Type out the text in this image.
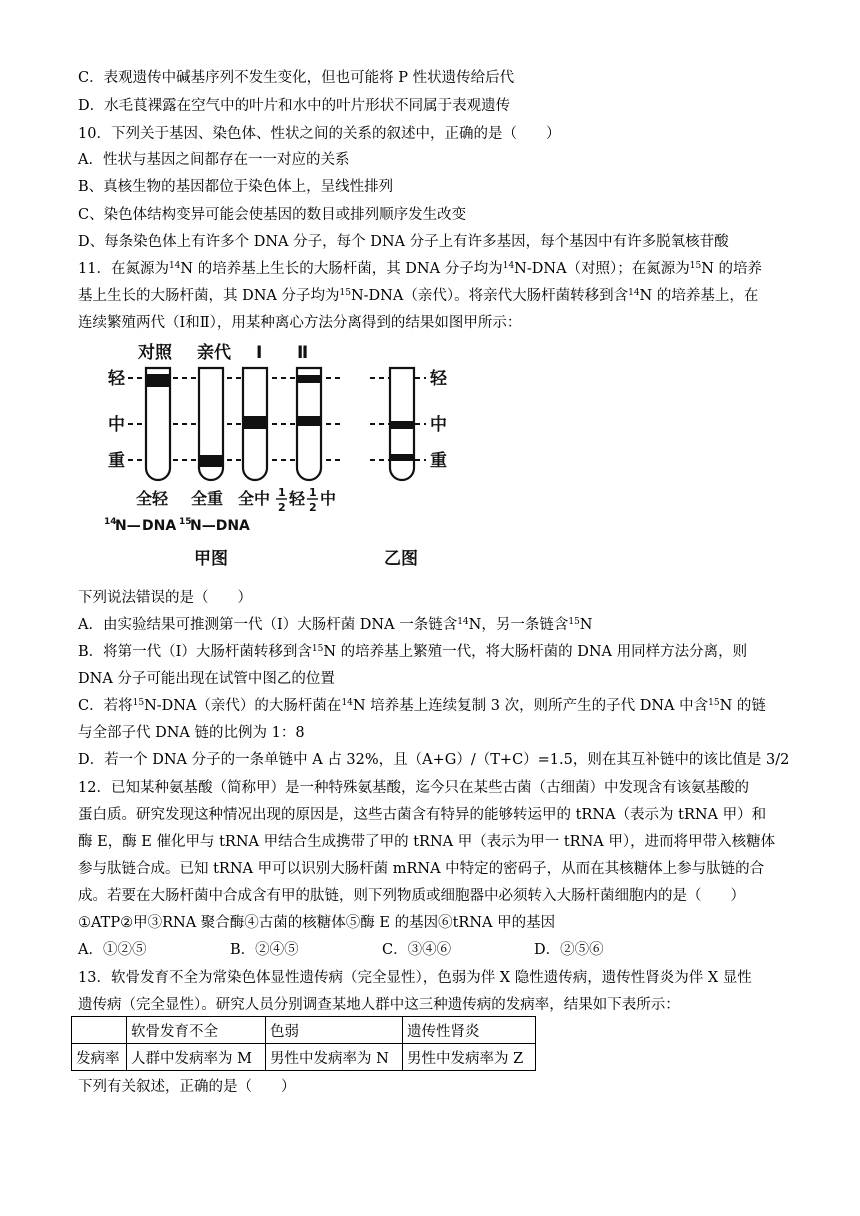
C．表观遗传中碱基序列不发生变化，但也可能将 P 性状遗传给后代
D．水毛茛裸露在空气中的叶片和水中的叶片形状不同属于表观遗传
10．下列关于基因、染色体、性状之间的关系的叙述中，正确的是（　　）
A．性状与基因之间都存在一一对应的关系
B、真核生物的基因都位于染色体上，呈线性排列
C、染色体结构变异可能会使基因的数目或排列顺序发生改变
D、每条染色体上有许多个 DNA 分子，每个 DNA 分子上有许多基因，每个基因中有许多脱氧核苷酸
11．在氮源为$^{14}$N 的培养基上生长的大肠杆菌，其 DNA 分子均为$^{14}$N-DNA（对照）；在氮源为$^{15}$N 的培养
基上生长的大肠杆菌，其 DNA 分子均为$^{15}$N-DNA（亲代）。将亲代大肠杆菌转移到含$^{14}$N 的培养基上，在
连续繁殖两代（Ⅰ和Ⅱ），用某种离心方法分离得到的结果如图甲所示：
对照 亲代 Ⅰ Ⅱ
轻
中
重
轻
中
重
全轻 全重 全中 1
2 轻 1
2 中
14
N— DNA 15
N—DNA
甲图	乙图
下列说法错误的是（　　）
A．由实验结果可推测第一代（Ⅰ）大肠杆菌 DNA 一条链含$^{14}$N，另一条链含$^{15}$N
B．将第一代（Ⅰ）大肠杆菌转移到含$^{15}$N 的培养基上繁殖一代，将大肠杆菌的 DNA 用同样方法分离，则
DNA 分子可能出现在试管中图乙的位置
C．若将$^{15}$N-DNA（亲代）的大肠杆菌在$^{14}$N 培养基上连续复制 3 次，则所产生的子代 DNA 中含$^{15}$N 的链
与全部子代 DNA 链的比例为 1：8
D．若一个 DNA 分子的一条单链中 A 占 32%，且（A+G）/（T+C）=1.5，则在其互补链中的该比值是 3/2
12．已知某种氨基酸（简称甲）是一种特殊氨基酸，迄今只在某些古菌（古细菌）中发现含有该氨基酸的
蛋白质。研究发现这种情况出现的原因是，这些古菌含有特异的能够转运甲的 tRNA（表示为 tRNA 甲）和
酶 E，酶 E 催化甲与 tRNA 甲结合生成携带了甲的 tRNA 甲（表示为甲一 tRNA 甲），进而将甲带入核糖体
参与肽链合成。已知 tRNA 甲可以识别大肠杆菌 mRNA 中特定的密码子，从而在其核糖体上参与肽链的合
成。若要在大肠杆菌中合成含有甲的肽链，则下列物质或细胞器中必须转入大肠杆菌细胞内的是（　　）
①ATP②甲③RNA 聚合酶④古菌的核糖体⑤酶 E 的基因⑥tRNA 甲的基因
A．①②⑤	B．②④⑤	C．③④⑥	D．②⑤⑥
13．软骨发育不全为常染色体显性遗传病（完全显性），色弱为伴 X 隐性遗传病，遗传性肾炎为伴 X 显性
遗传病（完全显性）。研究人员分别调查某地人群中这三种遗传病的发病率，结果如下表所示：
	软骨发育不全	色弱	遗传性肾炎
发病率	人群中发病率为 M	男性中发病率为 N	男性中发病率为 Z
下列有关叙述，正确的是（　　）
